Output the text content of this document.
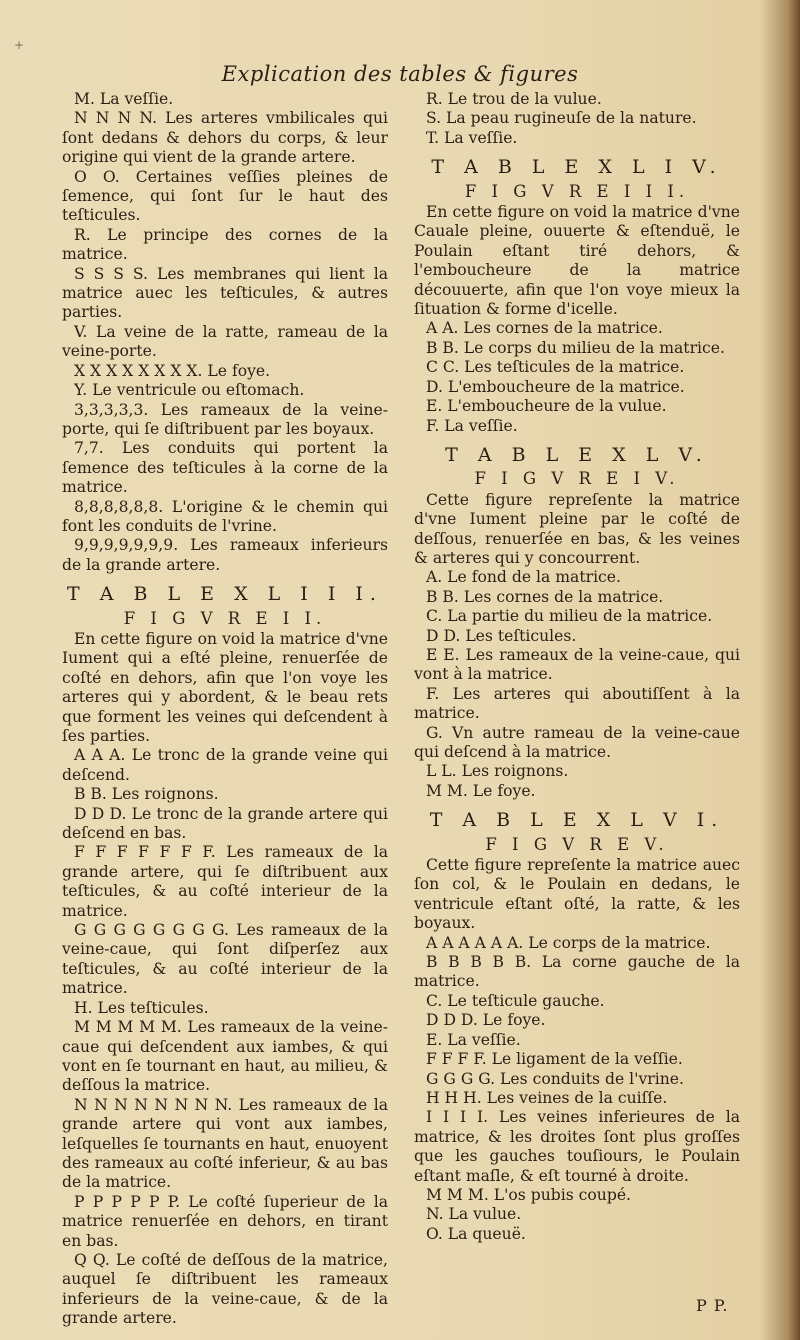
+
Explication des tables & figures

M. La veſſie.

N N N N. Les arteres vmbilicales qui ſont dedans & dehors du corps, & leur origine qui vient de la grande artere.

O O. Certaines veſſies pleines de ſemence, qui ſont ſur le haut des teſticules.

R. Le principe des cornes de la matrice.

S S S S. Les membranes qui lient la matrice auec les teſticules, & autres parties.

V. La veine de la ratte, rameau de la veine-porte.

X X X X X X X X. Le foye.

Y. Le ventricule ou eſtomach.

3,3,3,3,3. Les rameaux de la veine-porte, qui ſe diſtribuent par les boyaux.

7,7. Les conduits qui portent la ſemence des teſticules à la corne de la matrice.

8,8,8,8,8,8. L'origine & le chemin qui font les conduits de l'vrine.

9,9,9,9,9,9,9. Les rameaux inferieurs de la grande artere.

T A B L E X L I I I.
F I G V R E I I.

En cette figure on void la matrice d'vne Iument qui a eſté pleine, renuerſée de coſté en dehors, afin que l'on voye les arteres qui y abordent, & le beau rets que forment les veines qui deſcendent à ſes parties.

A A A. Le tronc de la grande veine qui deſcend.

B B. Les roignons.

D D D. Le tronc de la grande artere qui deſcend en bas.

F F F F F F F. Les rameaux de la grande artere, qui ſe diſtribuent aux teſticules, & au coſté interieur de la matrice.

G G G G G G G G. Les rameaux de la veine-caue, qui ſont diſperſez aux teſticules, & au coſté interieur de la matrice.

H. Les teſticules.

M M M M M. Les rameaux de la veine-caue qui deſcendent aux iambes, & qui vont en ſe tournant en haut, au milieu, & deſſous la matrice.

N N N N N N N N. Les rameaux de la grande artere qui vont aux iambes, leſquelles ſe tournants en haut, enuoyent des rameaux au coſté inferieur, & au bas de la matrice.

P P P P P P. Le coſté ſuperieur de la matrice renuerſée en dehors, en tirant en bas.

Q Q. Le coſté de deſſous de la matrice, auquel ſe diſtribuent les rameaux inferieurs de la veine-caue, & de la grande artere.

R. Le trou de la vulue.

S. La peau rugineuſe de la nature.

T. La veſſie.

T A B L E X L I V.
F I G V R E I I I.

En cette figure on void la matrice d'vne Cauale pleine, ouuerte & eſtenduë, le Poulain eſtant tiré dehors, & l'emboucheure de la matrice découuerte, afin que l'on voye mieux la ſituation & forme d'icelle.

A A. Les cornes de la matrice.

B B. Le corps du milieu de la matrice.

C C. Les teſticules de la matrice.

D. L'emboucheure de la matrice.

E. L'emboucheure de la vulue.

F. La veſſie.

T A B L E X L V.
F I G V R E I V.

Cette figure repreſente la matrice d'vne Iument pleine par le coſté de deſſous, renuerſée en bas, & les veines & arteres qui y concourrent.

A. Le fond de la matrice.

B B. Les cornes de la matrice.

C. La partie du milieu de la matrice.

D D. Les teſticules.

E E. Les rameaux de la veine-caue, qui vont à la matrice.

F. Les arteres qui aboutiſſent à la matrice.

G. Vn autre rameau de la veine-caue qui deſcend à la matrice.

L L. Les roignons.

M M. Le foye.

T A B L E X L V I.
F I G V R E V.

Cette figure repreſente la matrice auec ſon col, & le Poulain en dedans, le ventricule eſtant oſté, la ratte, & les boyaux.

A A A A A A. Le corps de la matrice.

B B B B B. La corne gauche de la matrice.

C. Le teſticule gauche.

D D D. Le foye.

E. La veſſie.

F F F F. Le ligament de la veſſie.

G G G G. Les conduits de l'vrine.

H H H. Les veines de la cuiſſe.

I I I I. Les veines inferieures de la matrice, & les droites ſont plus groſſes que les gauches touſiours, le Poulain eſtant maſle, & eſt tourné à droite.

M M M. L'os pubis coupé.

N. La vulue.

O. La queuë.

P P.
